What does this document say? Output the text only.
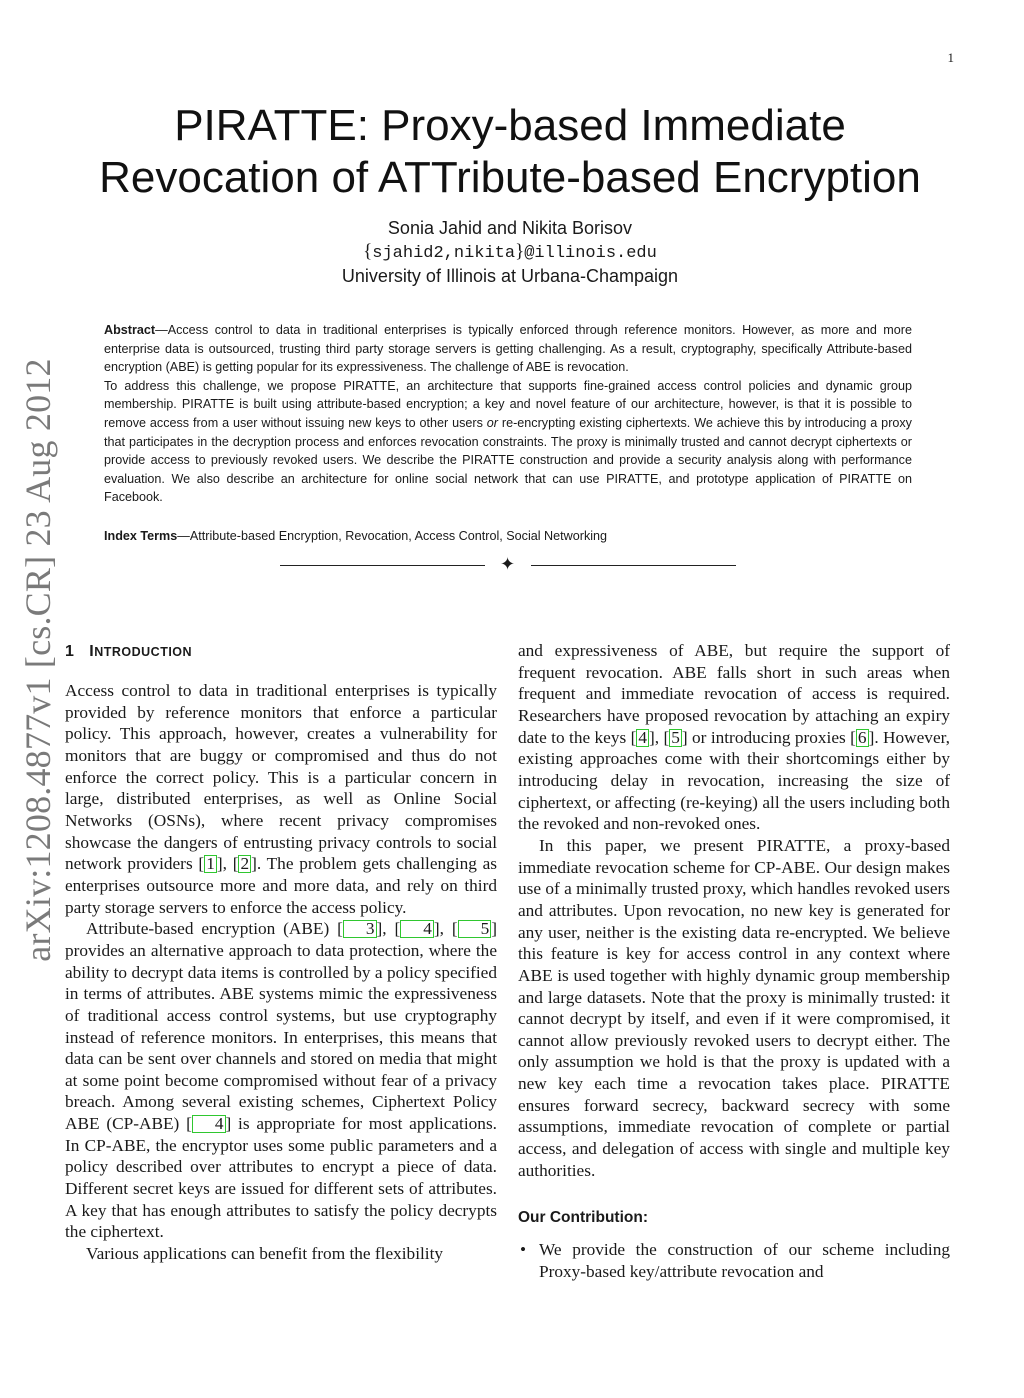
1
arXiv:1208.4877v1 [cs.CR] 23 Aug 2012
PIRATTE: Proxy-based Immediate Revocation of ATTribute-based Encryption
Sonia Jahid and Nikita Borisov
{sjahid2,nikita}@illinois.edu
University of Illinois at Urbana-Champaign

Abstract—Access control to data in traditional enterprises is typically enforced through reference monitors. However, as more and more enterprise data is outsourced, trusting third party storage servers is getting challenging. As a result, cryptography, specifically Attribute-based encryption (ABE) is getting popular for its expressiveness. The challenge of ABE is revocation.

To address this challenge, we propose PIRATTE, an architecture that supports fine-grained access control policies and dynamic group membership. PIRATTE is built using attribute-based encryption; a key and novel feature of our architecture, however, is that it is possible to remove access from a user without issuing new keys to other users or re-encrypting existing ciphertexts. We achieve this by introducing a proxy that participates in the decryption process and enforces revocation constraints. The proxy is minimally trusted and cannot decrypt ciphertexts or provide access to previously revoked users. We describe the PIRATTE construction and provide a security analysis along with performance evaluation. We also describe an architecture for online social network that can use PIRATTE, and prototype application of PIRATTE on Facebook.

Index Terms—Attribute-based Encryption, Revocation, Access Control, Social Networking
✦
1 INTRODUCTION

Access control to data in traditional enterprises is typically provided by reference monitors that enforce a particular policy. This approach, however, creates a vulnerability for monitors that are buggy or compromised and thus do not enforce the correct policy. This is a particular concern in large, distributed enterprises, as well as Online Social Networks (OSNs), where recent privacy compromises showcase the dangers of entrusting privacy controls to social network providers [ 1 ], [ 2 ]. The problem gets challenging as enterprises outsource more and more data, and rely on third party storage servers to enforce the access policy.

Attribute-based encryption (ABE) [ 3 ], [ 4 ], [ 5 ] provides an alternative approach to data protection, where the ability to decrypt data items is controlled by a policy specified in terms of attributes. ABE systems mimic the expressiveness of traditional access control systems, but use cryptography instead of reference monitors. In enterprises, this means that data can be sent over channels and stored on media that might at some point become compromised without fear of a privacy breach. Among several existing schemes, Ciphertext Policy ABE (CP-ABE) [ 4 ] is appropriate for most applications. In CP-ABE, the encryptor uses some public parameters and a policy described over attributes to encrypt a piece of data. Different secret keys are issued for different sets of attributes. A key that has enough attributes to satisfy the policy decrypts the ciphertext.

Various applications can benefit from the flexibility

and expressiveness of ABE, but require the support of frequent revocation. ABE falls short in such areas when frequent and immediate revocation of access is required. Researchers have proposed revocation by attaching an expiry date to the keys [ 4 ], [ 5 ] or introducing proxies [ 6 ]. However, existing approaches come with their shortcomings either by introducing delay in revocation, increasing the size of ciphertext, or affecting (re-keying) all the users including both the revoked and non-revoked ones.

In this paper, we present PIRATTE, a proxy-based immediate revocation scheme for CP-ABE. Our design makes use of a minimally trusted proxy, which handles revoked users and attributes. Upon revocation, no new key is generated for any user, neither is the existing data re-encrypted. We believe this feature is key for access control in any context where ABE is used together with highly dynamic group membership and large datasets. Note that the proxy is minimally trusted: it cannot decrypt by itself, and even if it were compromised, it cannot allow previously revoked users to decrypt either. The only assumption we hold is that the proxy is updated with a new key each time a revocation takes place. PIRATTE ensures forward secrecy, backward secrecy with some assumptions, immediate revocation of complete or partial access, and delegation of access with single and multiple key authorities.

Our Contribution:
• We provide the construction of our scheme including Proxy-based key/attribute revocation and
